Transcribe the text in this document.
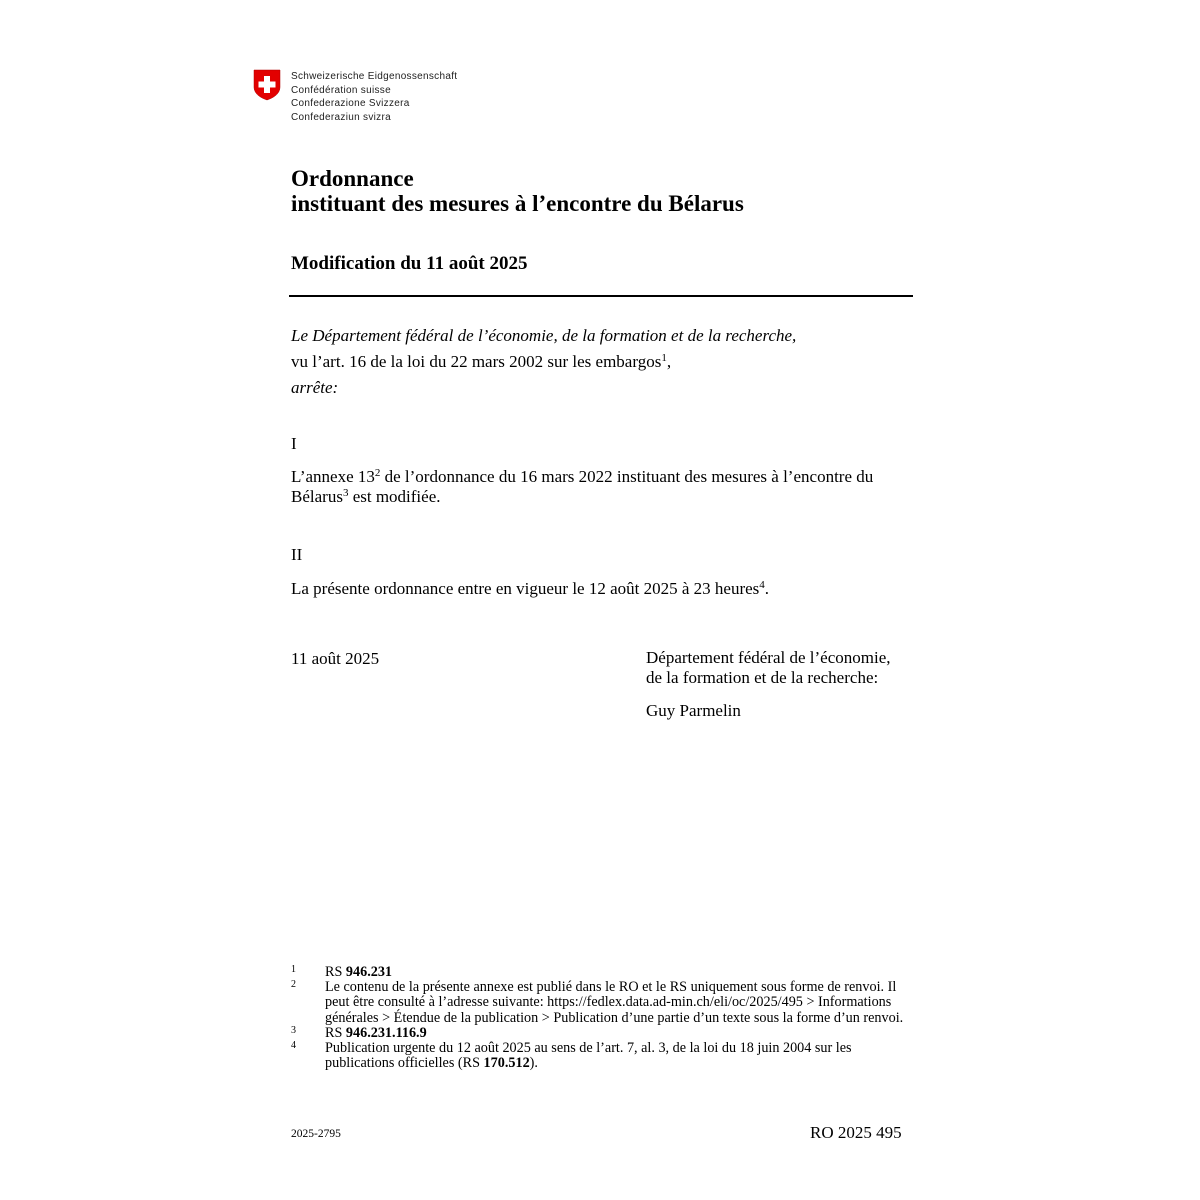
Schweizerische Eidgenossenschaft
Confédération suisse
Confederazione Svizzera
Confederaziun svizra
Ordonnance
instituant des mesures à l’encontre du Bélarus
Modification du 11 août 2025
Le Département fédéral de l’économie, de la formation et de la recherche,
vu l’art. 16 de la loi du 22 mars 2002 sur les embargos$^1$,
arrête:
I
L’annexe 13$^2$ de l’ordonnance du 16 mars 2022 instituant des mesures à l’encontre du Bélarus$^3$ est modifiée.
II
La présente ordonnance entre en vigueur le 12 août 2025 à 23 heures$^4$.
11 août 2025	Département fédéral de l’économie,
de la formation et de la recherche:
Guy Parmelin
1	RS 946.231
2	Le contenu de la présente annexe est publié dans le RO et le RS uniquement sous forme de renvoi. Il peut être consulté à l’adresse suivante: https://fedlex.data.ad-min.ch/eli/oc/2025/495 > Informations générales > Étendue de la publication > Publication d’une partie d’un texte sous la forme d’un renvoi.
3	RS 946.231.116.9
4	Publication urgente du 12 août 2025 au sens de l’art. 7, al. 3, de la loi du 18 juin 2004 sur les publications officielles (RS 170.512).
2025-2795	RO 2025 495
